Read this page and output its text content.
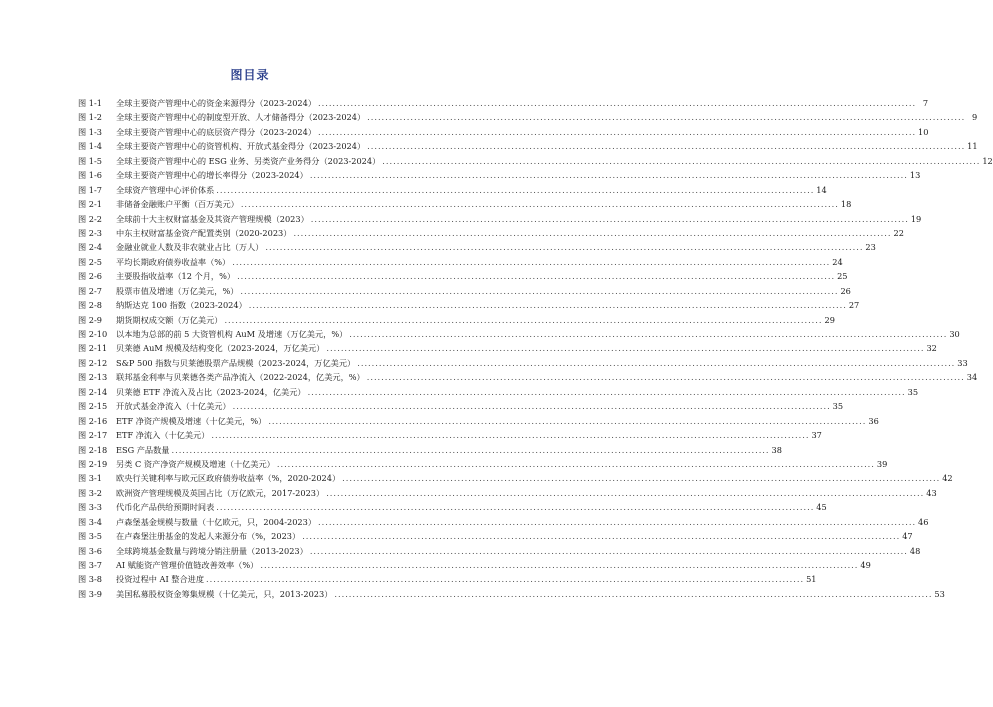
图目录
图 1-1	全球主要资产管理中心的资金来源得分（2023-2024） .....	7
图 1-2	全球主要资产管理中心的制度型开放、人才储备得分（2023-2024） .....	9
图 1-3	全球主要资产管理中心的底层资产得分（2023-2024） .....	10
图 1-4	全球主要资产管理中心的资管机构、开放式基金得分（2023-2024） .....	11
图 1-5	全球主要资产管理中心的 ESG 业务、另类资产业务得分（2023-2024） .....	12
图 1-6	全球主要资产管理中心的增长率得分（2023-2024） .....	13
图 1-7	全球资产管理中心评价体系 .....	14
图 2-1	非储备金融账户平衡（百万美元） .....	18
图 2-2	全球前十大主权财富基金及其资产管理规模（2023） .....	19
图 2-3	中东主权财富基金资产配置类别（2020-2023） .....	22
图 2-4	金融业就业人数及非农就业占比（万人） .....	23
图 2-5	平均长期政府债券收益率（%） .....	24
图 2-6	主要股指收益率（12 个月，%） .....	25
图 2-7	股票市值及增速（万亿美元，%） .....	26
图 2-8	纳斯达克 100 指数（2023-2024） .....	27
图 2-9	期货期权成交额（万亿美元） .....	29
图 2-10	以本地为总部的前 5 大资管机构 AuM 及增速（万亿美元，%） .....	30
图 2-11	贝莱德 AuM 规模及结构变化（2023-2024，万亿美元） .....	32
图 2-12	S&P 500 指数与贝莱德股票产品规模（2023-2024，万亿美元） .....	33
图 2-13	联邦基金利率与贝莱德各类产品净流入（2022-2024，亿美元，%） .....	34
图 2-14	贝莱德 ETF 净流入及占比（2023-2024，亿美元） .....	35
图 2-15	开放式基金净流入（十亿美元） .....	35
图 2-16	ETF 净资产规模及增速（十亿美元，%） .....	36
图 2-17	ETF 净流入（十亿美元） .....	37
图 2-18	ESG 产品数量 .....	38
图 2-19	另类 C 资产净资产规模及增速（十亿美元） .....	39
图 3-1	欧央行关键利率与欧元区政府债券收益率（%，2020-2024） .....	42
图 3-2	欧洲资产管理规模及英国占比（万亿欧元，2017-2023） .....	43
图 3-3	代币化产品供给预期时间表 .....	45
图 3-4	卢森堡基金规模与数量（十亿欧元，只，2004-2023） .....	46
图 3-5	在卢森堡注册基金的发起人来源分布（%，2023） .....	47
图 3-6	全球跨境基金数量与跨境分销注册量（2013-2023） .....	48
图 3-7	AI 赋能资产管理价值链改善效率（%） .....	49
图 3-8	投资过程中 AI 整合进度 .....	51
图 3-9	美国私募股权资金筹集规模（十亿美元，只，2013-2023） .....	53
